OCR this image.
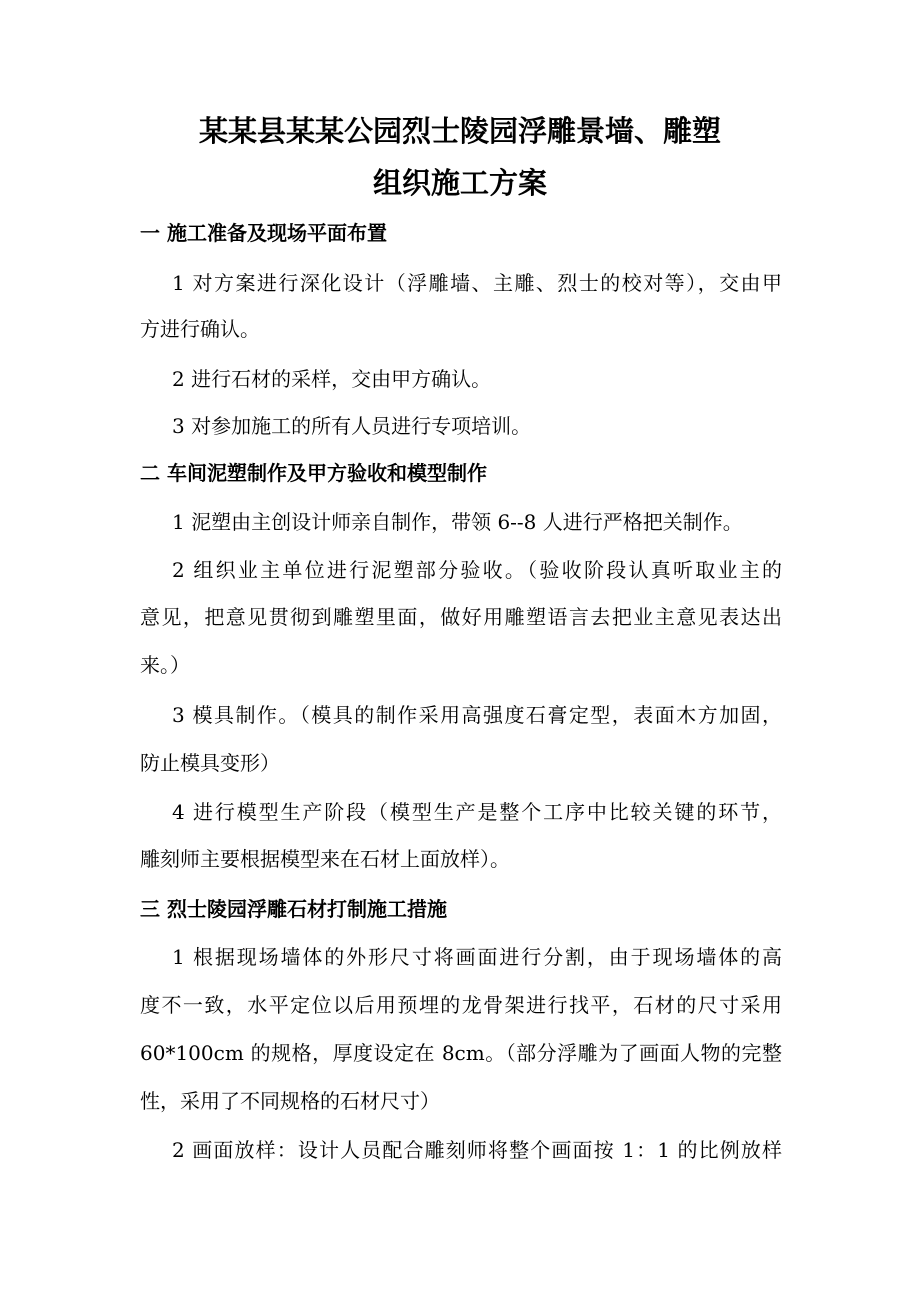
某某县某某公园烈士陵园浮雕景墙、雕塑
组织施工方案
一 施工准备及现场平面布置
1 对方案进行深化设计（浮雕墙、主雕、烈士的校对等），交由甲
方进行确认。
2 进行石材的采样，交由甲方确认。
3 对参加施工的所有人员进行专项培训。
二 车间泥塑制作及甲方验收和模型制作
1 泥塑由主创设计师亲自制作，带领 6--8 人进行严格把关制作。
2 组织业主单位进行泥塑部分验收。（验收阶段认真听取业主的
意见，把意见贯彻到雕塑里面，做好用雕塑语言去把业主意见表达出
来。）
3 模具制作。（模具的制作采用高强度石膏定型，表面木方加固，
防止模具变形）
4 进行模型生产阶段（模型生产是整个工序中比较关键的环节，
雕刻师主要根据模型来在石材上面放样）。
三 烈士陵园浮雕石材打制施工措施
1 根据现场墙体的外形尺寸将画面进行分割，由于现场墙体的高
度不一致，水平定位以后用预埋的龙骨架进行找平，石材的尺寸采用
60*100cm 的规格，厚度设定在 8cm。（部分浮雕为了画面人物的完整
性，采用了不同规格的石材尺寸）
2 画面放样：设计人员配合雕刻师将整个画面按 1：1 的比例放样
